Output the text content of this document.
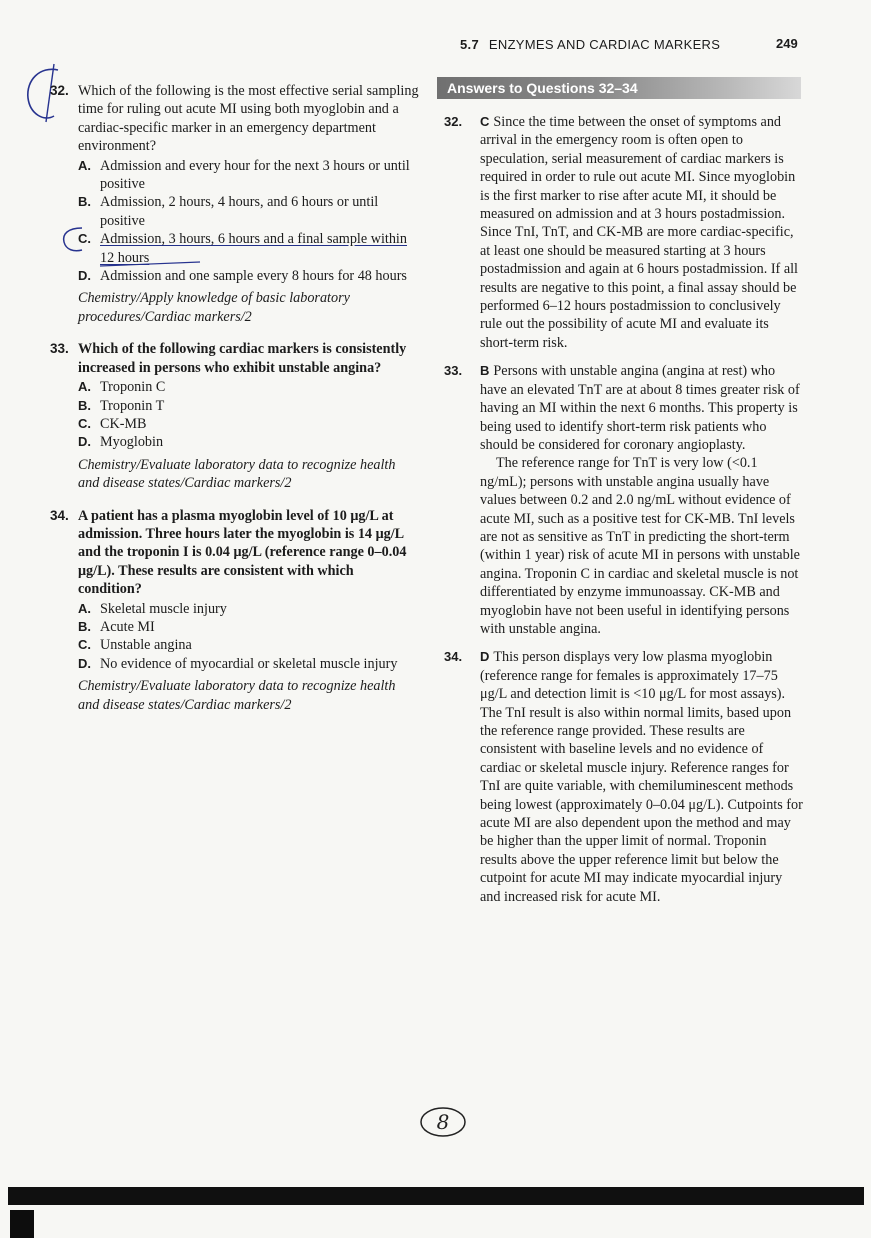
5.7 ENZYMES AND CARDIAC MARKERS	249
32. Which of the following is the most effective serial sampling time for ruling out acute MI using both myoglobin and a cardiac-specific marker in an emergency department environment?

A. Admission and every hour for the next 3 hours or until positive
B. Admission, 2 hours, 4 hours, and 6 hours or until positive
C. Admission, 3 hours, 6 hours and a final sample within 12 hours
D. Admission and one sample every 8 hours for 48 hours
Chemistry/Apply knowledge of basic laboratory procedures/Cardiac markers/2
33. Which of the following cardiac markers is consistently increased in persons who exhibit unstable angina?

A. Troponin C
B. Troponin T
C. CK-MB
D. Myoglobin
Chemistry/Evaluate laboratory data to recognize health and disease states/Cardiac markers/2
34. A patient has a plasma myoglobin level of 10 μg/L at admission. Three hours later the myoglobin is 14 μg/L and the troponin I is 0.04 μg/L (reference range 0–0.04 μg/L). These results are consistent with which condition?

A. Skeletal muscle injury
B. Acute MI
C. Unstable angina
D. No evidence of myocardial or skeletal muscle injury
Chemistry/Evaluate laboratory data to recognize health and disease states/Cardiac markers/2
Answers to Questions 32–34
32. C Since the time between the onset of symptoms and arrival in the emergency room is often open to speculation, serial measurement of cardiac markers is required in order to rule out acute MI. Since myoglobin is the first marker to rise after acute MI, it should be measured on admission and at 3 hours postadmission. Since TnI, TnT, and CK-MB are more cardiac-specific, at least one should be measured starting at 3 hours postadmission and again at 6 hours postadmission. If all results are negative to this point, a final assay should be performed 6–12 hours postadmission to conclusively rule out the possibility of acute MI and evaluate its short-term risk.

33. B Persons with unstable angina (angina at rest) who have an elevated TnT are at about 8 times greater risk of having an MI within the next 6 months. This property is being used to identify short-term risk patients who should be considered for coronary angioplasty.

The reference range for TnT is very low (<0.1 ng/mL); persons with unstable angina usually have values between 0.2 and 2.0 ng/mL without evidence of acute MI, such as a positive test for CK-MB. TnI levels are not as sensitive as TnT in predicting the short-term (within 1 year) risk of acute MI in persons with unstable angina. Troponin C in cardiac and skeletal muscle is not differentiated by enzyme immunoassay. CK-MB and myoglobin have not been useful in identifying persons with unstable angina.

34. D This person displays very low plasma myoglobin (reference range for females is approximately 17–75 μg/L and detection limit is <10 μg/L for most assays). The TnI result is also within normal limits, based upon the reference range provided. These results are consistent with baseline levels and no evidence of cardiac or skeletal muscle injury. Reference ranges for TnI are quite variable, with chemiluminescent methods being lowest (approximately 0–0.04 μg/L). Cutpoints for acute MI are also dependent upon the method and may be higher than the upper limit of normal. Troponin results above the upper reference limit but below the cutpoint for acute MI may indicate myocardial injury and increased risk for acute MI.

8
